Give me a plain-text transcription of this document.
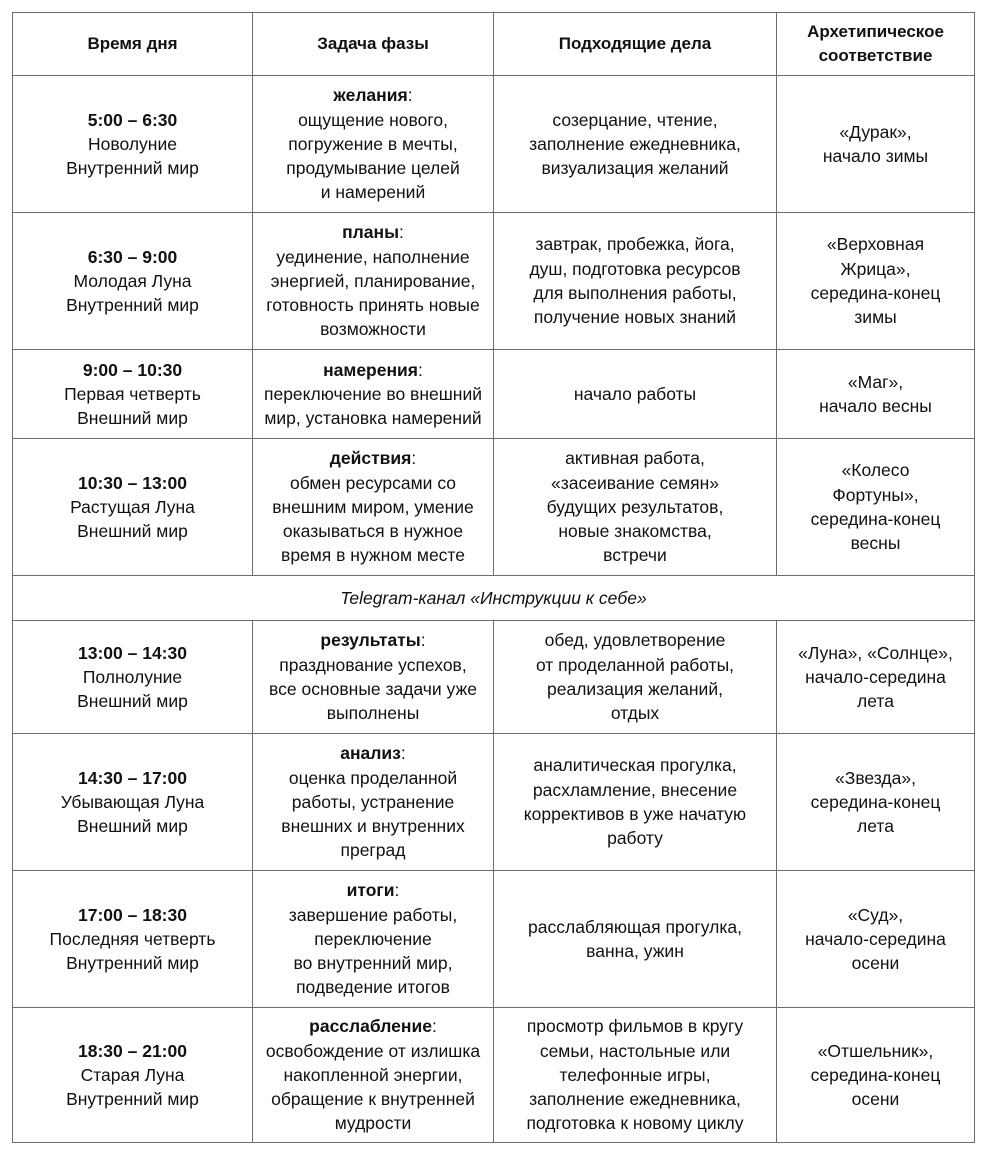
Время дня	Задача фазы	Подходящие дела	Архетипическое
соответствие

5:00 – 6:30
Новолуние
Внутренний мир	желания:
ощущение нового,
погружение в мечты,
продумывание целей
и намерений	созерцание, чтение,
заполнение ежедневника,
визуализация желаний	«Дурак»,
начало зимы

6:30 – 9:00
Молодая Луна
Внутренний мир	планы:
уединение, наполнение
энергией, планирование,
готовность принять новые
возможности	завтрак, пробежка, йога,
душ, подготовка ресурсов
для выполнения работы,
получение новых знаний	«Верховная
Жрица»,
середина-конец
зимы

9:00 – 10:30
Первая четверть
Внешний мир	намерения:
переключение во внешний
мир, установка намерений	начало работы	«Маг»,
начало весны

10:30 – 13:00
Растущая Луна
Внешний мир	действия:
обмен ресурсами со
внешним миром, умение
оказываться в нужное
время в нужном месте	активная работа,
«засеивание семян»
будущих результатов,
новые знакомства,
встречи	«Колесо
Фортуны»,
середина-конец
весны

Telegram-канал «Инструкции к себе»			

13:00 – 14:30
Полнолуние
Внешний мир	результаты:
празднование успехов,
все основные задачи уже
выполнены	обед, удовлетворение
от проделанной работы,
реализация желаний,
отдых	«Луна», «Солнце»,
начало-середина
лета

14:30 – 17:00
Убывающая Луна
Внешний мир	анализ:
оценка проделанной
работы, устранение
внешних и внутренних
преград	аналитическая прогулка,
расхламление, внесение
коррективов в уже начатую
работу	«Звезда»,
середина-конец
лета

17:00 – 18:30
Последняя четверть
Внутренний мир	итоги:
завершение работы,
переключение
во внутренний мир,
подведение итогов	расслабляющая прогулка,
ванна, ужин	«Суд»,
начало-середина
осени

18:30 – 21:00
Старая Луна
Внутренний мир	расслабление:
освобождение от излишка
накопленной энергии,
обращение к внутренней
мудрости	просмотр фильмов в кругу
семьи, настольные или
телефонные игры,
заполнение ежедневника,
подготовка к новому циклу	«Отшельник»,
середина-конец
осени
